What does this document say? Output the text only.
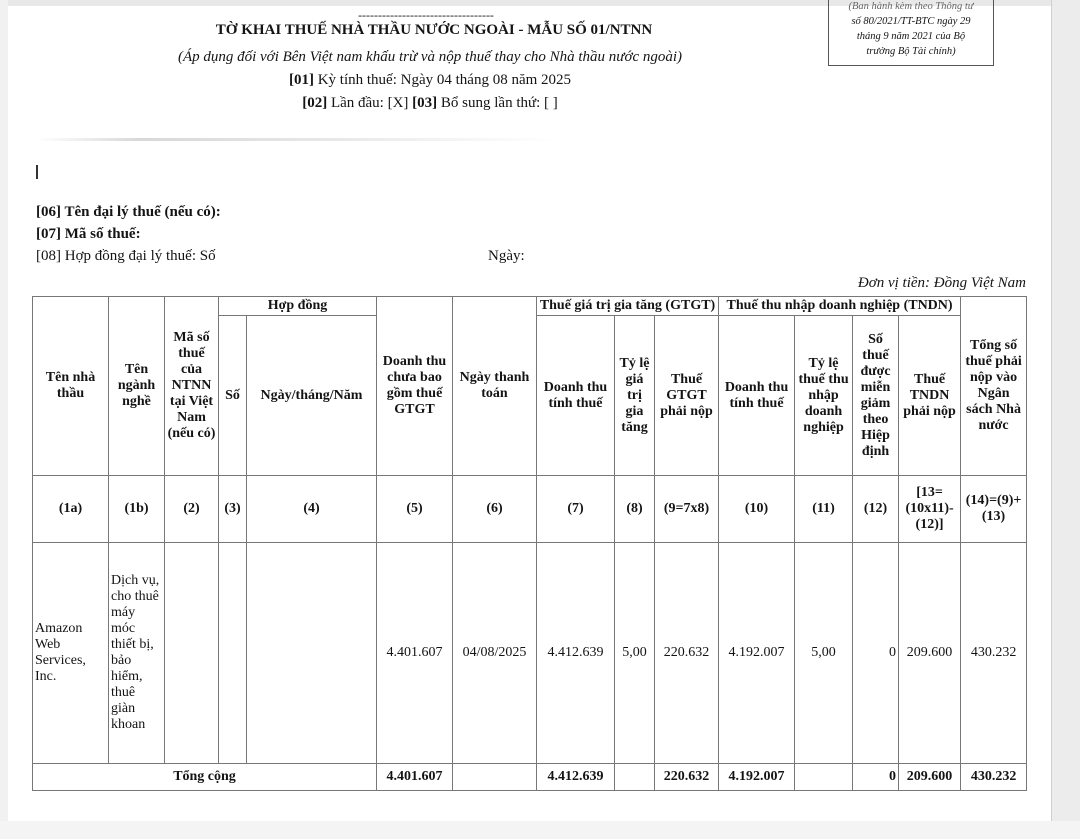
(Ban hành kèm theo Thông tư
số 80/2021/TT-BTC ngày 29
tháng 9 năm 2021 của Bộ
trưởng Bộ Tài chính)
----------------------------------
TỜ KHAI THUẾ NHÀ THẦU NƯỚC NGOÀI - MẪU SỐ 01/NTNN
(Áp dụng đối với Bên Việt nam khấu trừ và nộp thuế thay cho Nhà thầu nước ngoài)
[01] Kỳ tính thuế: Ngày 04 tháng 08 năm 2025
[02] Lần đầu: [X] [03] Bổ sung lần thứ: [ ]
[06] Tên đại lý thuế (nếu có):
[07] Mã số thuế:
[08] Hợp đồng đại lý thuế: Số	Ngày:
Đơn vị tiền: Đồng Việt Nam
Tên nhà thầu	Tên ngành nghề	Mã số thuế của NTNN tại Việt Nam (nếu có)	Hợp đồng		Doanh thu chưa bao gồm thuế GTGT	Ngày thanh toán	Thuế giá trị gia tăng (GTGT)			Thuế thu nhập doanh nghiệp (TNDN)				Tổng số thuế phải nộp vào Ngân sách Nhà nước
			Số	Ngày/tháng/Năm			Doanh thu tính thuế	Tỷ lệ giá trị gia tăng	Thuế GTGT phải nộp	Doanh thu tính thuế	Tỷ lệ thuế thu nhập doanh nghiệp	Số thuế được miễn giảm theo Hiệp định	Thuế TNDN phải nộp	
(1a)	(1b)	(2)	(3)	(4)	(5)	(6)	(7)	(8)	(9=7x8)	(10)	(11)	(12)	[13=(10x11)-(12)]	(14)=(9)+(13)
Amazon Web Services, Inc.	Dịch vụ, cho thuê máy móc thiết bị, bảo hiểm, thuê giàn khoan				4.401.607	04/08/2025	4.412.639	5,00	220.632	4.192.007	5,00	0	209.600	430.232
Tổng cộng					4.401.607		4.412.639		220.632	4.192.007		0	209.600	430.232
